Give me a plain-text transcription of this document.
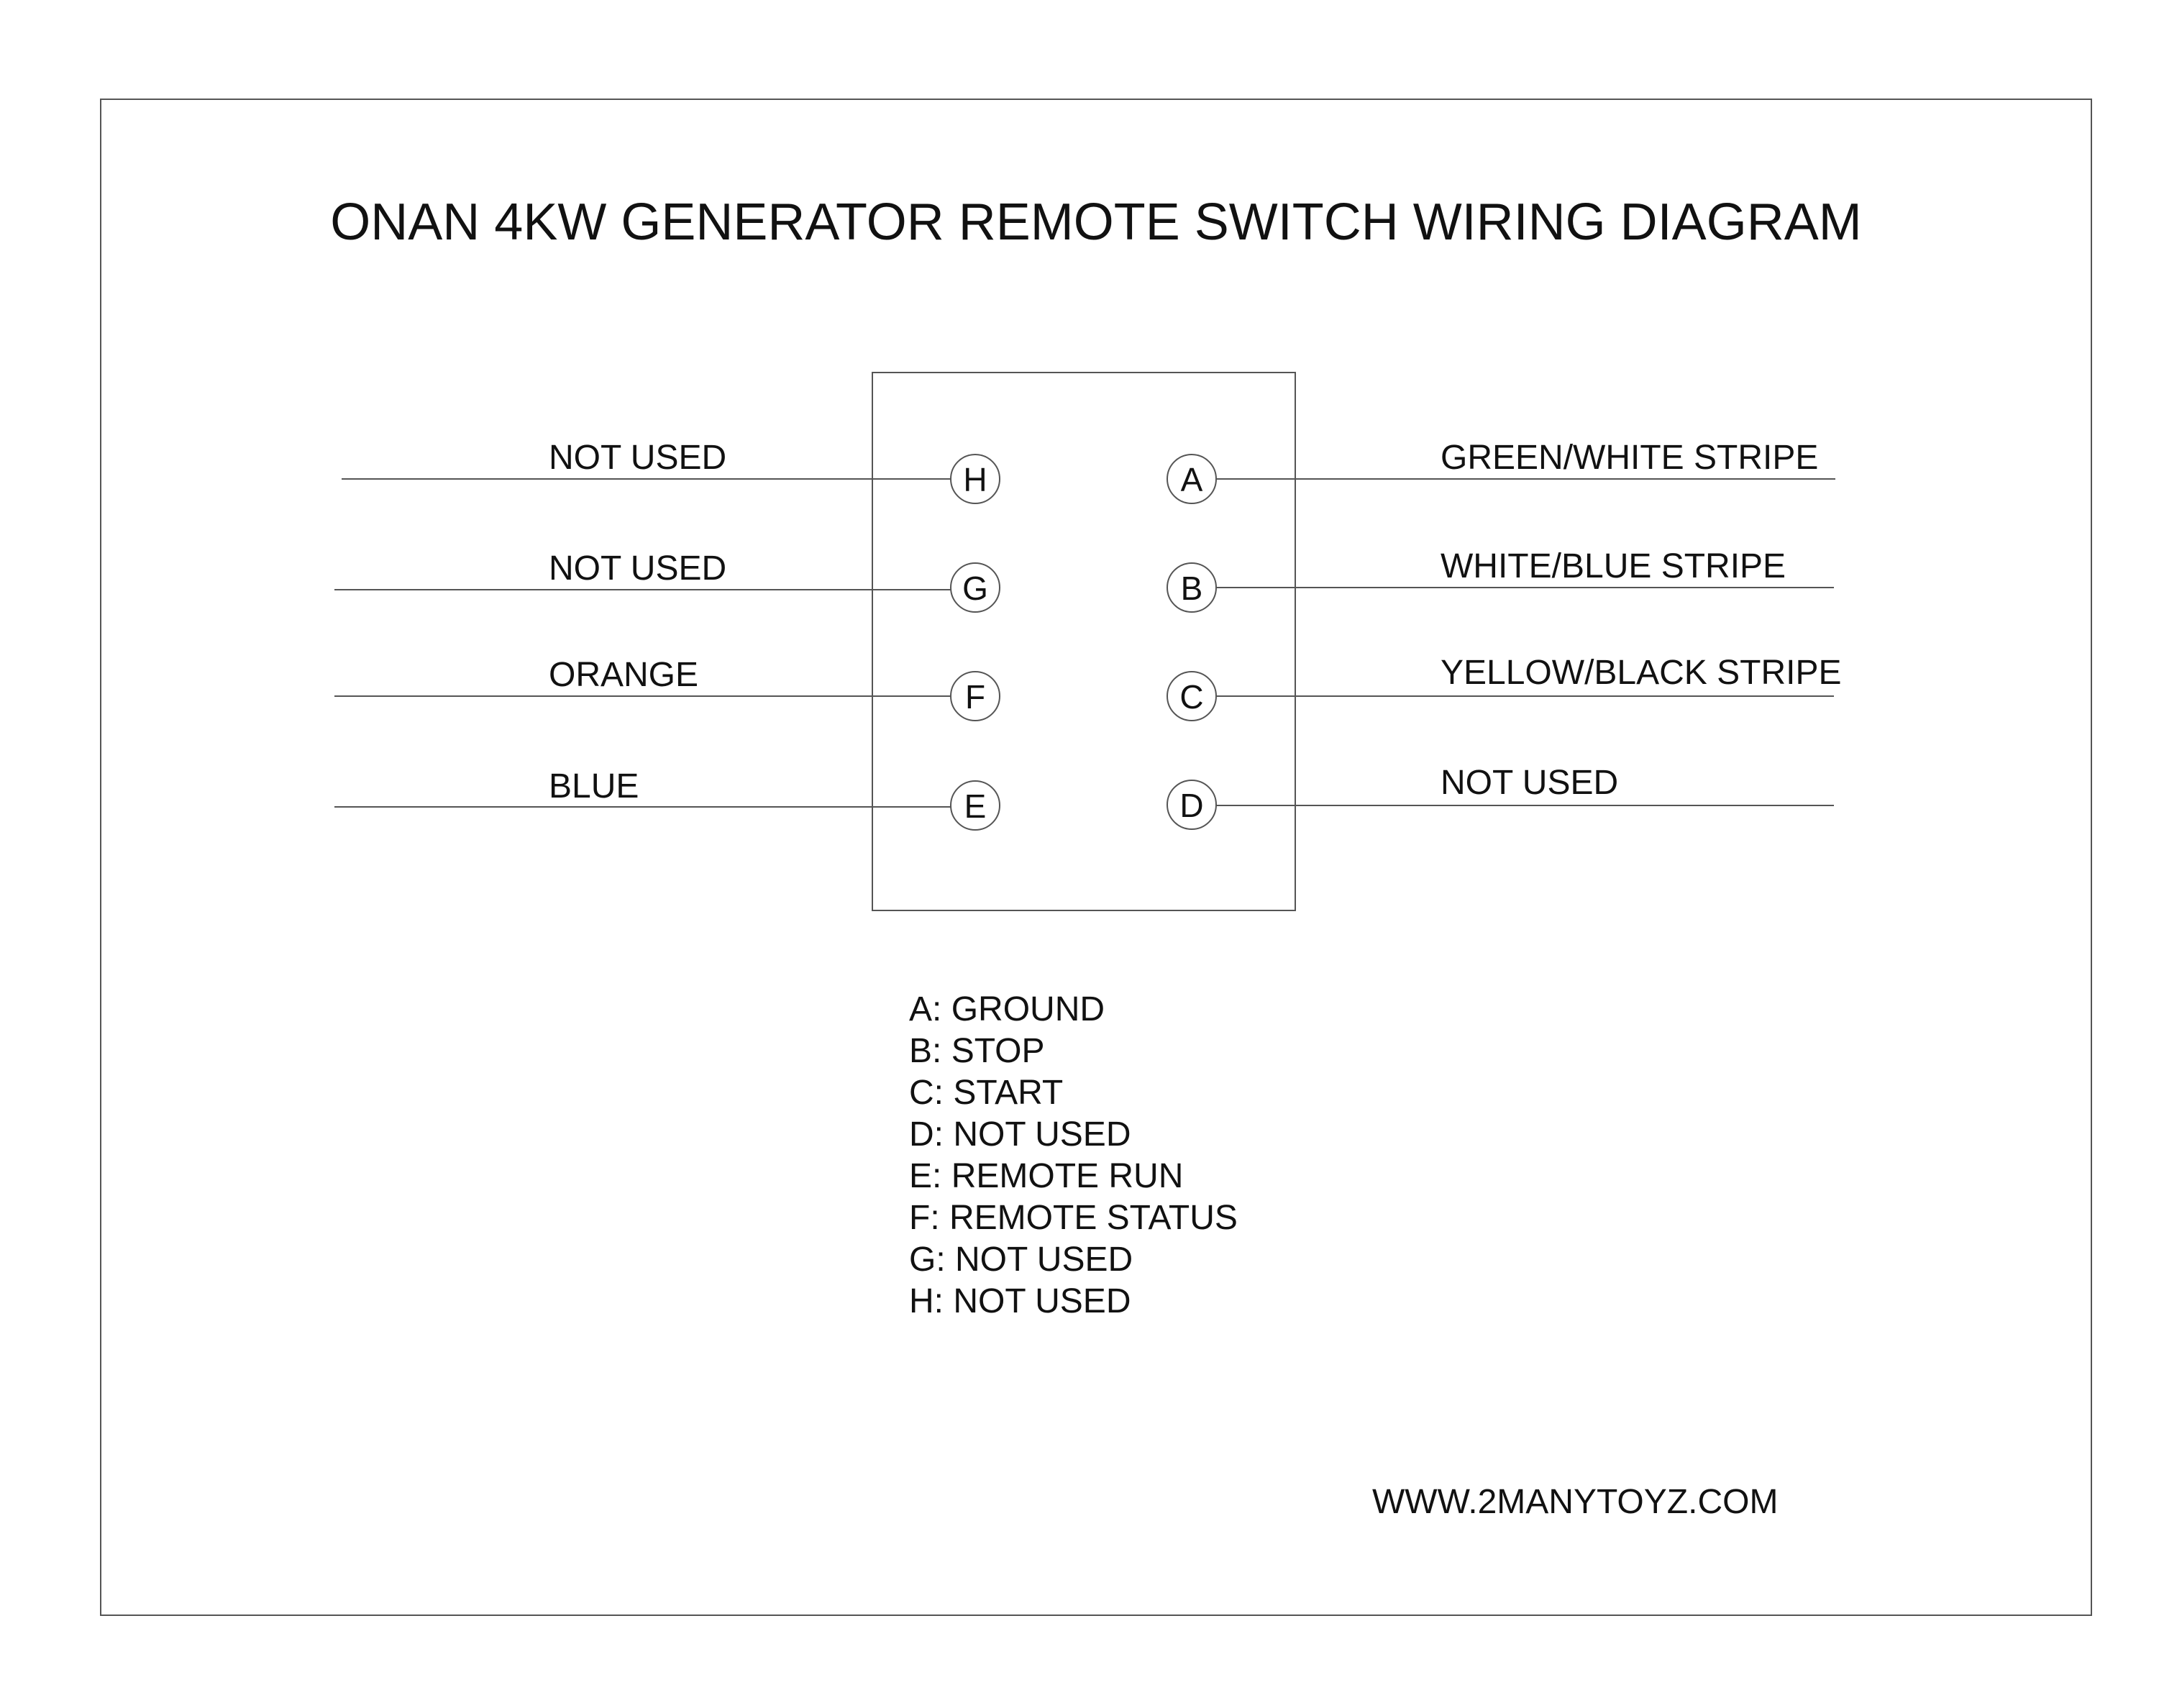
ONAN 4KW GENERATOR REMOTE SWITCH WIRING DIAGRAM
NOT USED
H
NOT USED
G
ORANGE
F
BLUE
E
A
GREEN/WHITE STRIPE
B
WHITE/BLUE STRIPE
C
YELLOW/BLACK STRIPE
D
NOT USED
A: GROUND
B: STOP
C: START
D: NOT USED
E: REMOTE RUN
F: REMOTE STATUS
G: NOT USED
H: NOT USED
WWW.2MANYTOYZ.COM
